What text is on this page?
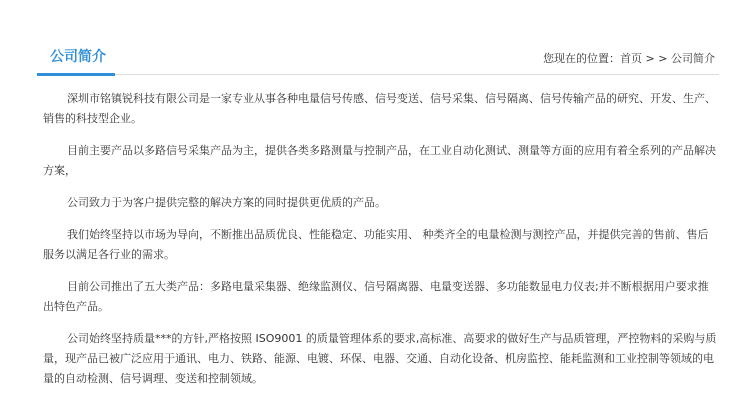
公司简介	您现在的位置：首页 > > 公司简介

深圳市铭镇锐科技有限公司是一家专业从事各种电量信号传感、信号变送、信号采集、信号隔离、信号传输产品的研究、开发、生产、销售的科技型企业。

目前主要产品以多路信号采集产品为主，提供各类多路测量与控制产品，在工业自动化测试、测量等方面的应用有着全系列的产品解决方案，

公司致力于为客户提供完整的解决方案的同时提供更优质的产品。

我们始终坚持以市场为导向，不断推出品质优良、性能稳定、功能实用、 种类齐全的电量检测与测控产品，并提供完善的售前、售后服务以满足各行业的需求。

目前公司推出了五大类产品：多路电量采集器、绝缘监测仪、信号隔离器、电量变送器、多功能数显电力仪表;并不断根据用户要求推出特色产品。

公司始终坚持质量***的方针,严格按照 ISO9001 的质量管理体系的要求,高标准、高要求的做好生产与品质管理，严控物料的采购与质量，现产品已被广泛应用于通讯、电力、铁路、能源、电镀、环保、电器、交通、自动化设备、机房监控、能耗监测和工业控制等领域的电量的自动检测、信号调理、变送和控制领域。
